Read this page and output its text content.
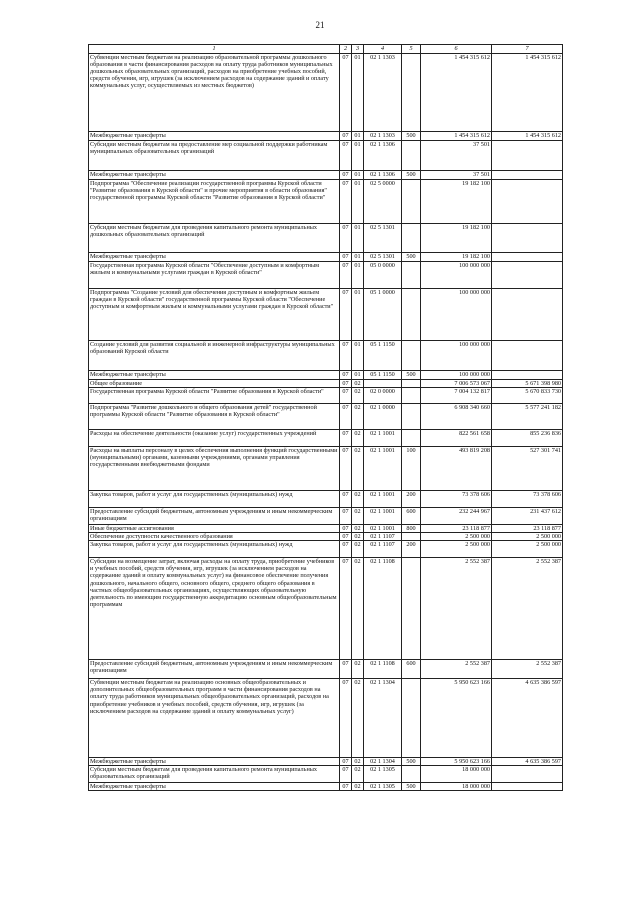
21
1	2	3	4	5	6	7
Субвенции местным бюджетам на реализацию образовательной программы дошкольного образования в части финансирования расходов на оплату труда работников муниципальных дошкольных образовательных организаций, расходов на приобретение учебных пособий, средств обучения, игр, игрушек (за исключением расходов на содержание зданий и оплату коммунальных услуг, осуществляемых из местных бюджетов)	07	01	02 1 1303		1 454 315 612	1 454 315 612
Межбюджетные трансферты	07	01	02 1 1303	500	1 454 315 612	1 454 315 612
Субсидии местным бюджетам на предоставление мер социальной поддержки работникам муниципальных образовательных организаций	07	01	02 1 1306		37 501	
Межбюджетные трансферты	07	01	02 1 1306	500	37 501	
Подпрограмма "Обеспечение реализации государственной программы Курской области "Развитие образования в Курской области" и прочие мероприятия в области образования" государственной программы Курской области "Развитие образования в Курской области"	07	01	02 5 0000		19 182 100	
Субсидии местным бюджетам для проведения капитального ремонта муниципальных дошкольных образовательных организаций	07	01	02 5 1301		19 182 100	
Межбюджетные трансферты	07	01	02 5 1301	500	19 182 100	
Государственная программа Курской области "Обеспечение доступным и комфортным жильем и коммунальными услугами граждан в Курской области"	07	01	05 0 0000		100 000 000	
Подпрограмма "Создание условий для обеспечения доступным и комфортным жильем граждан в Курской области" государственной программы Курской области "Обеспечение доступным и комфортным жильем и коммунальными услугами граждан в Курской области"	07	01	05 1 0000		100 000 000	
Создание условий для развития социальной и инженерной инфраструктуры муниципальных образований Курской области	07	01	05 1 1150		100 000 000	
Межбюджетные трансферты	07	01	05 1 1150	500	100 000 000	
Общее образование	07	02			7 006 573 067	5 671 398 980
Государственная программа Курской области "Развитие образования в Курской области"	07	02	02 0 0000		7 004 132 817	5 670 833 730
Подпрограмма "Развитие дошкольного и общего образования детей" государственной программы Курской области "Развитие образования в Курской области"	07	02	02 1 0000		6 908 340 660	5 577 241 182
Расходы на обеспечение деятельности (оказание услуг) государственных учреждений	07	02	02 1 1001		822 561 658	855 236 836
Расходы на выплаты персоналу в целях обеспечения выполнения функций государственными (муниципальными) органами, казенными учреждениями, органами управления государственными внебюджетными фондами	07	02	02 1 1001	100	493 819 208	527 301 741
Закупка товаров, работ и услуг для государственных (муниципальных) нужд	07	02	02 1 1001	200	73 378 606	73 378 606
Предоставление субсидий бюджетным, автономным учреждениям и иным некоммерческим организациям	07	02	02 1 1001	600	232 244 967	231 437 612
Иные бюджетные ассигнования	07	02	02 1 1001	800	23 118 877	23 118 877
Обеспечение доступности качественного образования	07	02	02 1 1107		2 500 000	2 500 000
Закупка товаров, работ и услуг для государственных (муниципальных) нужд	07	02	02 1 1107	200	2 500 000	2 500 000
Субсидии на возмещение затрат, включая расходы на оплату труда, приобретение учебников и учебных пособий, средств обучения, игр, игрушек (за исключением расходов на содержание зданий и оплату коммунальных услуг) на финансовое обеспечение получения дошкольного, начального общего, основного общего, среднего общего образования в частных общеобразовательных организациях, осуществляющих образовательную деятельность по имеющим государственную аккредитацию основным общеобразовательным программам	07	02	02 1 1108		2 552 387	2 552 387
Предоставление субсидий бюджетным, автономным учреждениям и иным некоммерческим организациям	07	02	02 1 1108	600	2 552 387	2 552 387
Субвенции местным бюджетам на реализацию основных общеобразовательных и дополнительных общеобразовательных программ в части финансирования расходов на оплату труда работников муниципальных общеобразовательных организаций, расходов на приобретение учебников и учебных пособий, средств обучения, игр, игрушек (за исключением расходов на содержание зданий и оплату коммунальных услуг)	07	02	02 1 1304		5 950 623 166	4 635 386 597
Межбюджетные трансферты	07	02	02 1 1304	500	5 950 623 166	4 635 386 597
Субсидии местным бюджетам для проведения капитального ремонта муниципальных образовательных организаций	07	02	02 1 1305		18 000 000	
Межбюджетные трансферты	07	02	02 1 1305	500	18 000 000	
